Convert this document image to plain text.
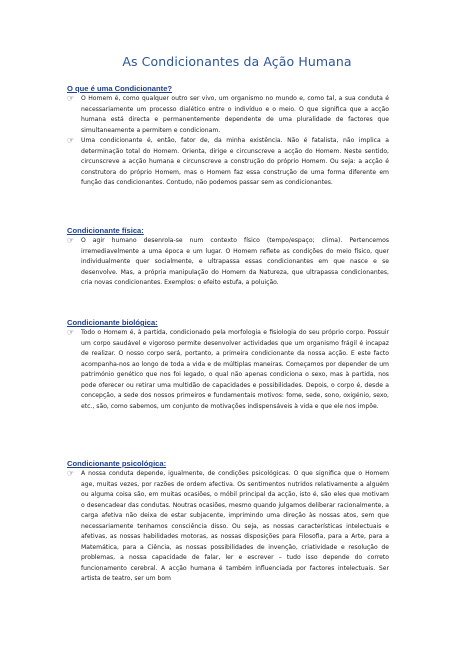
As Condicionantes da Ação Humana
O que é uma Condicionante?
☞ O Homem é, como qualquer outro ser vivo, um organismo no mundo e, como tal, a sua conduta é necessariamente um processo dialético entre o indivíduo e o meio. O que significa que a acção humana está directa e permanentemente dependente de uma pluralidade de factores que simultaneamente a permitem e condicionam.
☞ Uma condicionante é, então, fator de, da minha existência. Não é fatalista, não implica a determinação total do Homem. Orienta, dirige e circunscreve a acção do Homem. Neste sentido, circunscreve a acção humana e circunscreve a construção do próprio Homem. Ou seja: a acção é construtora do próprio Homem, mas o Homem faz essa construção de uma forma diferente em função das condicionantes. Contudo, não podemos passar sem as condicionantes.
Condicionante física:
☞ O agir humano desenrola-se num contexto físico (tempo/espaço; clima). Pertencemos irremediavelmente a uma época e um lugar. O Homem reflete as condições do meio físico, quer individualmente quer socialmente, e ultrapassa essas condicionantes em que nasce e se desenvolve. Mas, a própria manipulação do Homem da Natureza, que ultrapassa condicionantes, cria novas condicionantes. Exemplos: o efeito estufa, a poluição.
Condicionante biológica:
☞ Todo o Homem é, à partida, condicionado pela morfologia e fisiologia do seu próprio corpo. Possuir um corpo saudável e vigoroso permite desenvolver actividades que um organismo frágil é incapaz de realizar. O nosso corpo será, portanto, a primeira condicionante da nossa acção. E este facto acompanha-nos ao longo de toda a vida e de múltiplas maneiras. Começamos por depender de um património genético que nos foi legado, o qual não apenas condiciona o sexo, mas à partida, nos pode oferecer ou retirar uma multidão de capacidades e possibilidades. Depois, o corpo é, desde a concepção, a sede dos nossos primeiros e fundamentais motivos: fome, sede, sono, oxigénio, sexo, etc., são, como sabemos, um conjunto de motivações indispensáveis à vida e que ele nos impõe.
Condicionante psicológica:
☞ A nossa conduta depende, igualmente, de condições psicológicas. O que significa que o Homem age, muitas vezes, por razões de ordem afectiva. Os sentimentos nutridos relativamente a alguém ou alguma coisa são, em muitas ocasiões, o móbil principal da acção, isto é, são eles que motivam o desencadear das condutas. Noutras ocasiões, mesmo quando julgamos deliberar racionalmente, a carga afetiva não deixa de estar subjacente, imprimindo uma direção às nossas atos, sem que necessariamente tenhamos consciência disso. Ou seja, as nossas características intelectuais e afetivas, as nossas habilidades motoras, as nossas disposições para Filosofia, para a Arte, para a Matemática, para a Ciência, as nossas possibilidades de invenção, criatividade e resolução de problemas, a nossa capacidade de falar, ler e escrever – tudo isso depende do correto funcionamento cerebral. A acção humana é também influenciada por factores intelectuais. Ser artista de teatro, ser um bom
